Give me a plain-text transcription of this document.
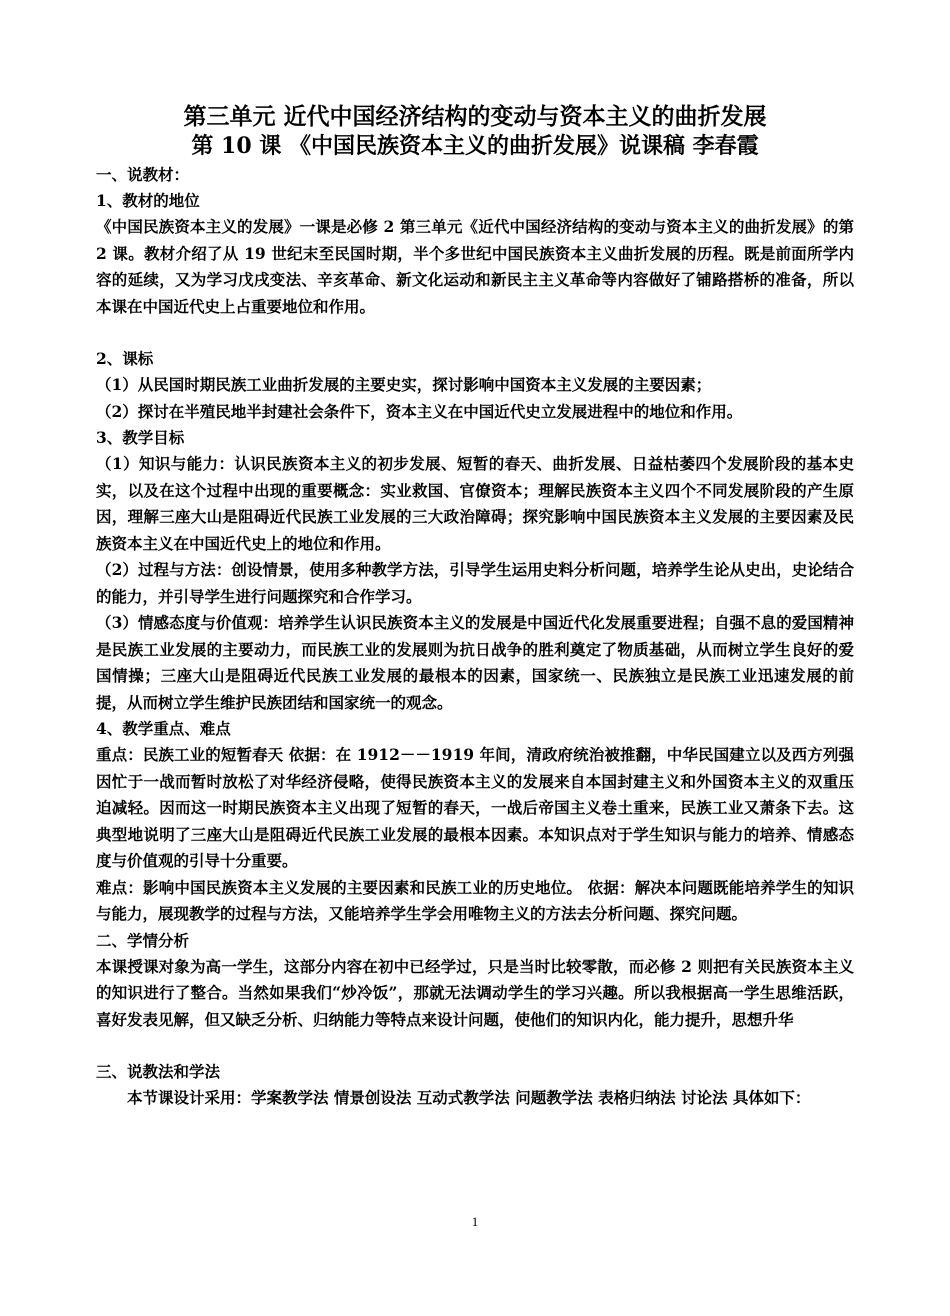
第三单元 近代中国经济结构的变动与资本主义的曲折发展

第 10 课 《中国民族资本主义的曲折发展》说课稿 李春霞

一、说教材：

1、教材的地位

《中国民族资本主义的发展》一课是必修 2 第三单元《近代中国经济结构的变动与资本主义的曲折发展》的第 2 课。教材介绍了从 19 世纪末至民国时期，半个多世纪中国民族资本主义曲折发展的历程。既是前面所学内容的延续，又为学习戊戌变法、辛亥革命、新文化运动和新民主主义革命等内容做好了铺路搭桥的准备，所以本课在中国近代史上占重要地位和作用。

2、课标

（1）从民国时期民族工业曲折发展的主要史实，探讨影响中国资本主义发展的主要因素；

（2）探讨在半殖民地半封建社会条件下，资本主义在中国近代史立发展进程中的地位和作用。

3、教学目标

（1）知识与能力：认识民族资本主义的初步发展、短暂的春天、曲折发展、日益枯萎四个发展阶段的基本史实，以及在这个过程中出现的重要概念：实业救国、官僚资本；理解民族资本主义四个不同发展阶段的产生原因，理解三座大山是阻碍近代民族工业发展的三大政治障碍；探究影响中国民族资本主义发展的主要因素及民族资本主义在中国近代史上的地位和作用。

（2）过程与方法：创设情景，使用多种教学方法，引导学生运用史料分析问题，培养学生论从史出，史论结合的能力，并引导学生进行问题探究和合作学习。

（3）情感态度与价值观：培养学生认识民族资本主义的发展是中国近代化发展重要进程；自强不息的爱国精神是民族工业发展的主要动力，而民族工业的发展则为抗日战争的胜利奠定了物质基础，从而树立学生良好的爱国情操；三座大山是阻碍近代民族工业发展的最根本的因素，国家统一、民族独立是民族工业迅速发展的前提，从而树立学生维护民族团结和国家统一的观念。

4、教学重点、难点

重点：民族工业的短暂春天 依据：在 1912－－1919 年间，清政府统治被推翻，中华民国建立以及西方列强因忙于一战而暂时放松了对华经济侵略，使得民族资本主义的发展来自本国封建主义和外国资本主义的双重压迫减轻。因而这一时期民族资本主义出现了短暂的春天，一战后帝国主义卷土重来，民族工业又萧条下去。这典型地说明了三座大山是阻碍近代民族工业发展的最根本因素。本知识点对于学生知识与能力的培养、情感态度与价值观的引导十分重要。

难点：影响中国民族资本主义发展的主要因素和民族工业的历史地位。 依据：解决本问题既能培养学生的知识与能力，展现教学的过程与方法，又能培养学生学会用唯物主义的方法去分析问题、探究问题。

二、学情分析

本课授课对象为高一学生，这部分内容在初中已经学过，只是当时比较零散，而必修 2 则把有关民族资本主义的知识进行了整合。当然如果我们“炒冷饭”，那就无法调动学生的学习兴趣。所以我根据高一学生思维活跃，喜好发表见解，但又缺乏分析、归纳能力等特点来设计问题，使他们的知识内化，能力提升，思想升华

三、说教法和学法

本节课设计采用：学案教学法 情景创设法 互动式教学法 问题教学法 表格归纳法 讨论法 具体如下：

1
